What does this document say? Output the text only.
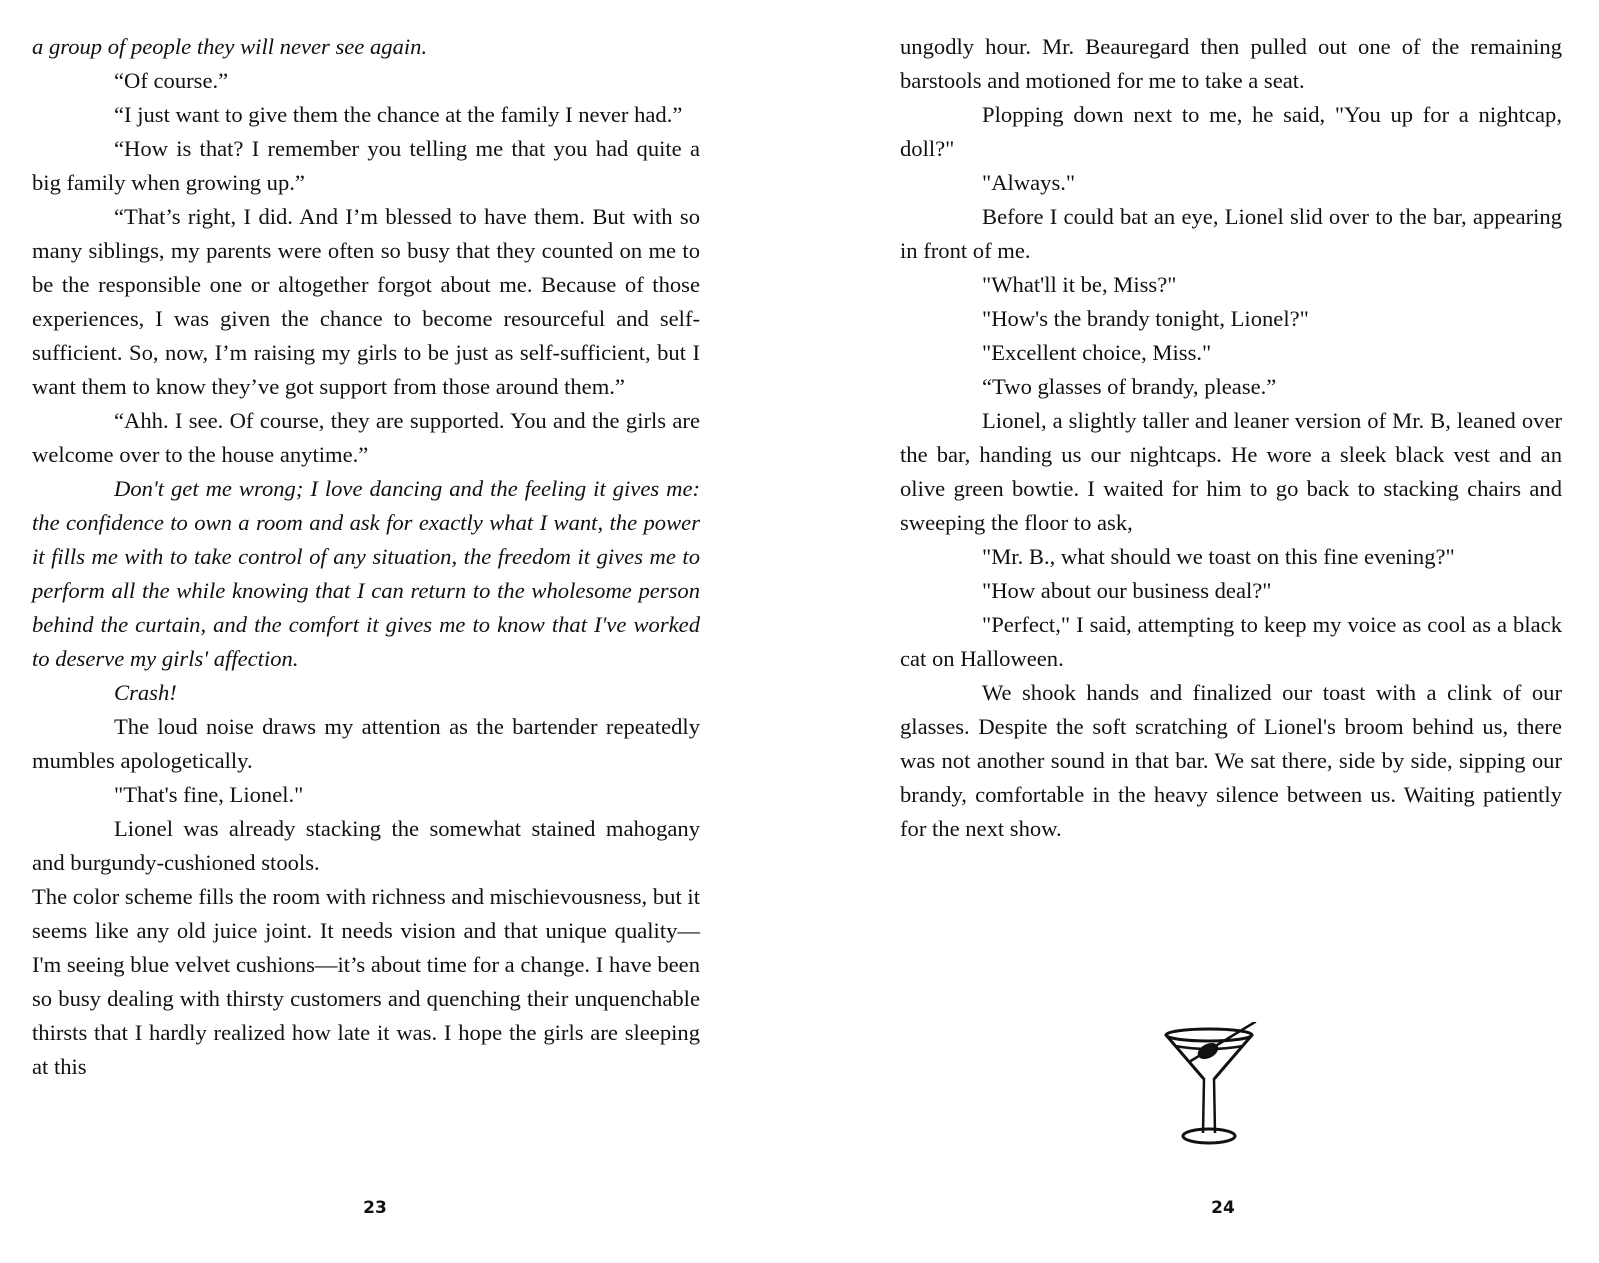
a group of people they will never see again.

“Of course.”

“I just want to give them the chance at the family I never had.”

“How is that? I remember you telling me that you had quite a big family when growing up.”

“That’s right, I did. And I’m blessed to have them. But with so many siblings, my parents were often so busy that they counted on me to be the responsible one or altogether forgot about me. Because of those experiences, I was given the chance to become resourceful and self-sufficient. So, now, I’m raising my girls to be just as self-sufficient, but I want them to know they’ve got support from those around them.”

“Ahh. I see. Of course, they are supported. You and the girls are welcome over to the house anytime.”

Don't get me wrong; I love dancing and the feeling it gives me: the confidence to own a room and ask for exactly what I want, the power it fills me with to take control of any situation, the freedom it gives me to perform all the while knowing that I can return to the wholesome person behind the curtain, and the comfort it gives me to know that I've worked to deserve my girls' affection.

Crash!

The loud noise draws my attention as the bartender repeatedly mumbles apologetically.

"That's fine, Lionel."

Lionel was already stacking the somewhat stained mahogany and burgundy-cushioned stools.

The color scheme fills the room with richness and mischievousness, but it seems like any old juice joint. It needs vision and that unique quality—I'm seeing blue velvet cushions—it’s about time for a change. I have been so busy dealing with thirsty customers and quenching their unquenchable thirsts that I hardly realized how late it was. I hope the girls are sleeping at this

ungodly hour. Mr. Beauregard then pulled out one of the remaining barstools and motioned for me to take a seat.

Plopping down next to me, he said, "You up for a nightcap, doll?"

"Always."

Before I could bat an eye, Lionel slid over to the bar, appearing in front of me.

"What'll it be, Miss?"

"How's the brandy tonight, Lionel?"

"Excellent choice, Miss."

“Two glasses of brandy, please.”

Lionel, a slightly taller and leaner version of Mr. B, leaned over the bar, handing us our nightcaps. He wore a sleek black vest and an olive green bowtie. I waited for him to go back to stacking chairs and sweeping the floor to ask,

"Mr. B., what should we toast on this fine evening?"

"How about our business deal?"

"Perfect," I said, attempting to keep my voice as cool as a black cat on Halloween.

We shook hands and finalized our toast with a clink of our glasses. Despite the soft scratching of Lionel's broom behind us, there was not another sound in that bar. We sat there, side by side, sipping our brandy, comfortable in the heavy silence between us. Waiting patiently for the next show.

23	24
